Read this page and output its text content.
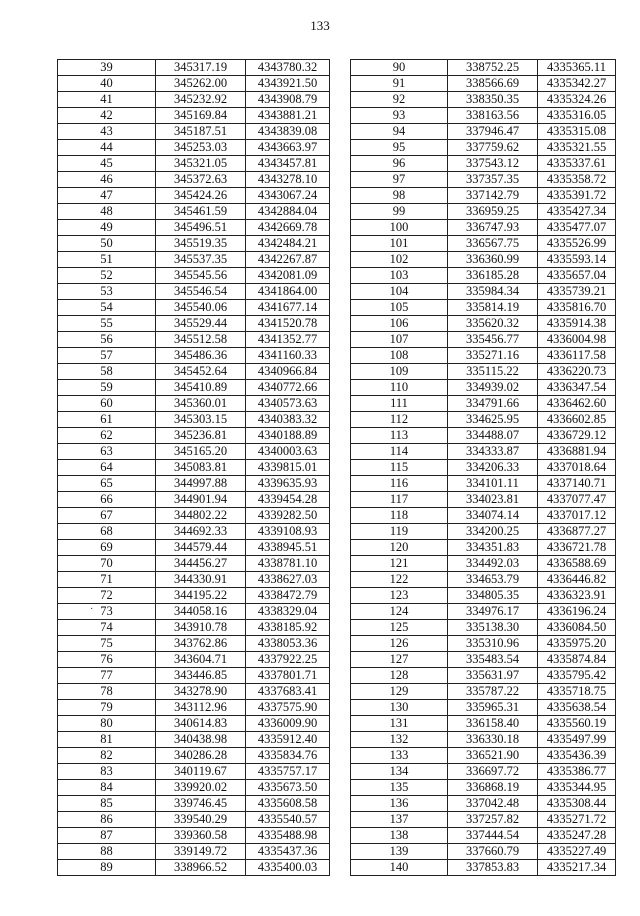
133
39	345317.19	4343780.32
40	345262.00	4343921.50
41	345232.92	4343908.79
42	345169.84	4343881.21
43	345187.51	4343839.08
44	345253.03	4343663.97
45	345321.05	4343457.81
46	345372.63	4343278.10
47	345424.26	4343067.24
48	345461.59	4342884.04
49	345496.51	4342669.78
50	345519.35	4342484.21
51	345537.35	4342267.87
52	345545.56	4342081.09
53	345546.54	4341864.00
54	345540.06	4341677.14
55	345529.44	4341520.78
56	345512.58	4341352.77
57	345486.36	4341160.33
58	345452.64	4340966.84
59	345410.89	4340772.66
60	345360.01	4340573.63
61	345303.15	4340383.32
62	345236.81	4340188.89
63	345165.20	4340003.63
64	345083.81	4339815.01
65	344997.88	4339635.93
66	344901.94	4339454.28
67	344802.22	4339282.50
68	344692.33	4339108.93
69	344579.44	4338945.51
70	344456.27	4338781.10
71	344330.91	4338627.03
72	344195.22	4338472.79
73	344058.16	4338329.04
74	343910.78	4338185.92
75	343762.86	4338053.36
76	343604.71	4337922.25
77	343446.85	4337801.71
78	343278.90	4337683.41
79	343112.96	4337575.90
80	340614.83	4336009.90
81	340438.98	4335912.40
82	340286.28	4335834.76
83	340119.67	4335757.17
84	339920.02	4335673.50
85	339746.45	4335608.58
86	339540.29	4335540.57
87	339360.58	4335488.98
88	339149.72	4335437.36
89	338966.52	4335400.03
90	338752.25	4335365.11
91	338566.69	4335342.27
92	338350.35	4335324.26
93	338163.56	4335316.05
94	337946.47	4335315.08
95	337759.62	4335321.55
96	337543.12	4335337.61
97	337357.35	4335358.72
98	337142.79	4335391.72
99	336959.25	4335427.34
100	336747.93	4335477.07
101	336567.75	4335526.99
102	336360.99	4335593.14
103	336185.28	4335657.04
104	335984.34	4335739.21
105	335814.19	4335816.70
106	335620.32	4335914.38
107	335456.77	4336004.98
108	335271.16	4336117.58
109	335115.22	4336220.73
110	334939.02	4336347.54
111	334791.66	4336462.60
112	334625.95	4336602.85
113	334488.07	4336729.12
114	334333.87	4336881.94
115	334206.33	4337018.64
116	334101.11	4337140.71
117	334023.81	4337077.47
118	334074.14	4337017.12
119	334200.25	4336877.27
120	334351.83	4336721.78
121	334492.03	4336588.69
122	334653.79	4336446.82
123	334805.35	4336323.91
124	334976.17	4336196.24
125	335138.30	4336084.50
126	335310.96	4335975.20
127	335483.54	4335874.84
128	335631.97	4335795.42
129	335787.22	4335718.75
130	335965.31	4335638.54
131	336158.40	4335560.19
132	336330.18	4335497.99
133	336521.90	4335436.39
134	336697.72	4335386.77
135	336868.19	4335344.95
136	337042.48	4335308.44
137	337257.82	4335271.72
138	337444.54	4335247.28
139	337660.79	4335227.49
140	337853.83	4335217.34
·
